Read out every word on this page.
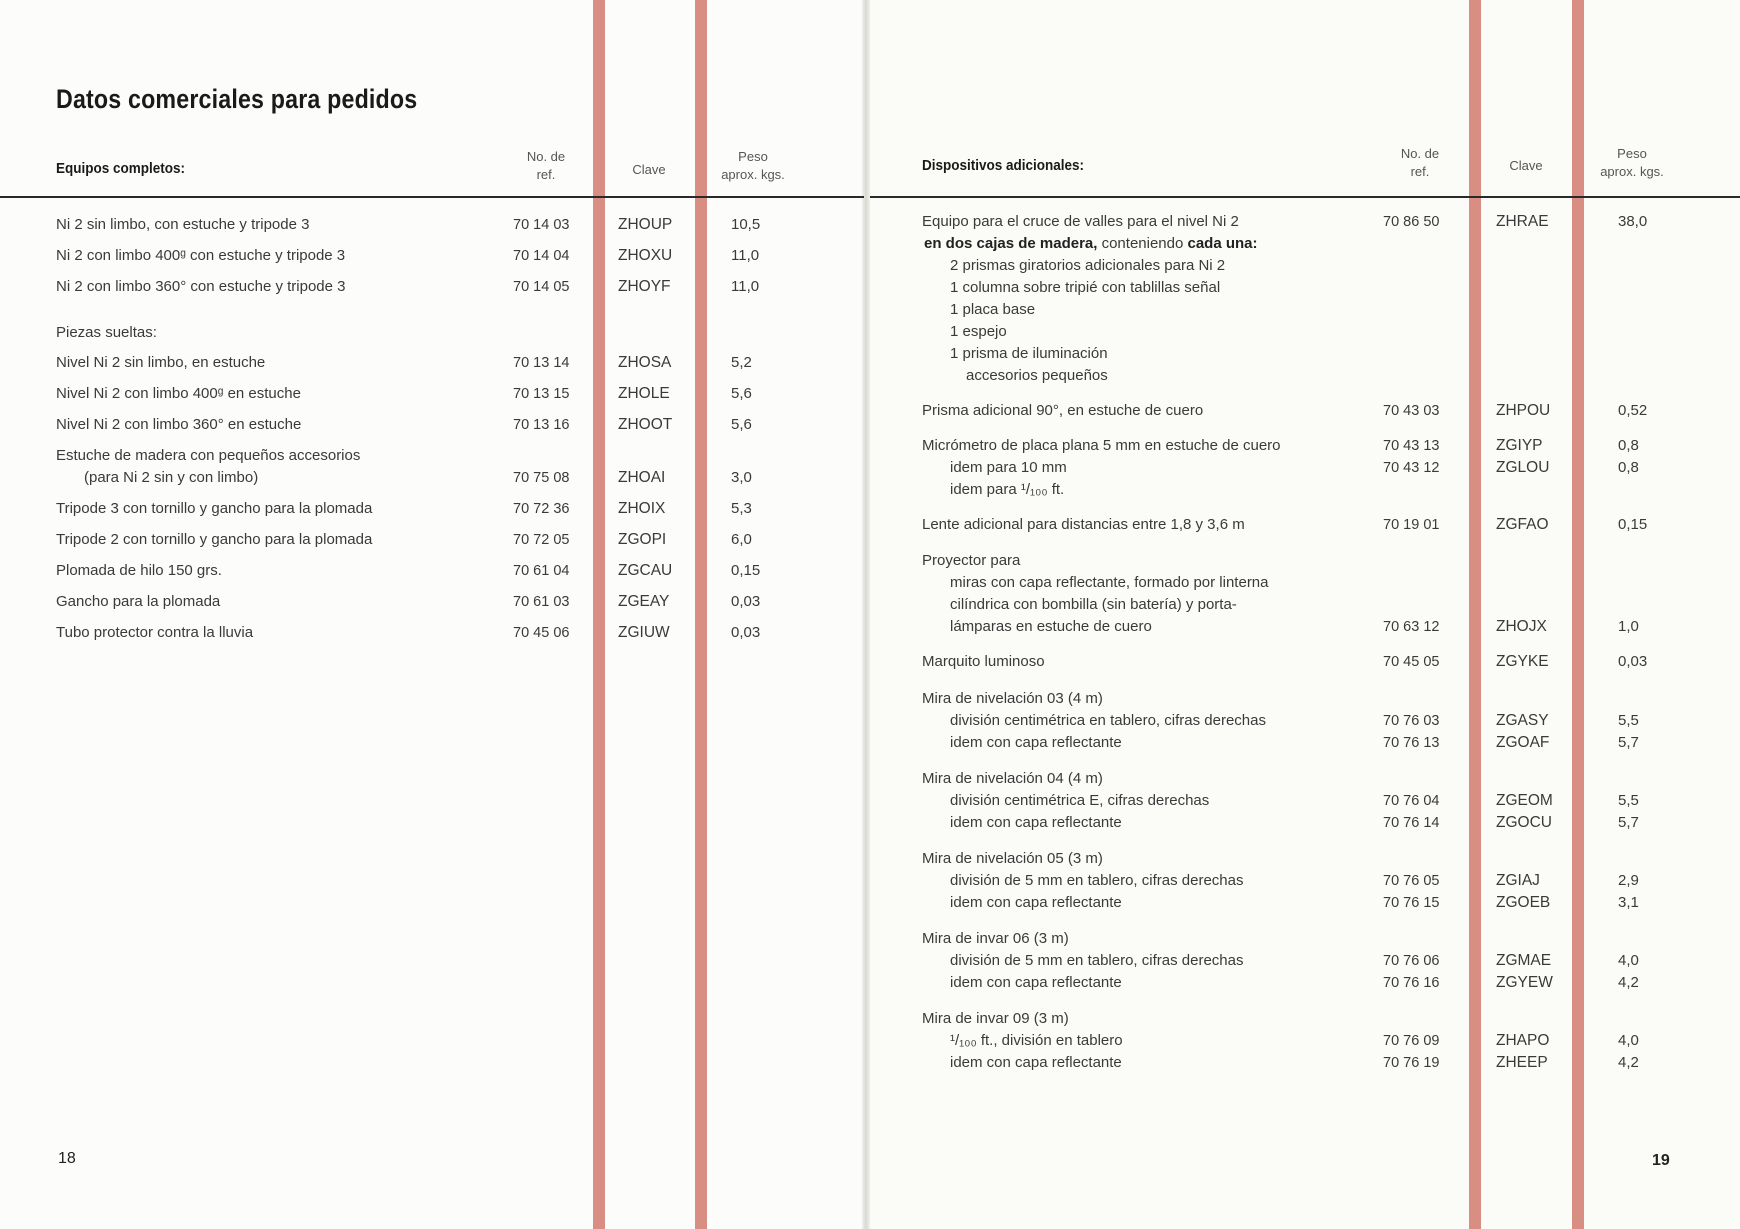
Datos comerciales para pedidos
Equipos completos:
No. de
ref.	Clave
Peso
aprox. kgs.
Ni 2 sin limbo, con estuche y tripode 3	70 14 03	ZHOUP	10,5
Ni 2 con limbo 400ᵍ con estuche y tripode 3	70 14 04	ZHOXU	11,0
Ni 2 con limbo 360° con estuche y tripode 3	70 14 05	ZHOYF	11,0
Piezas sueltas:
Nivel Ni 2 sin limbo, en estuche	70 13 14	ZHOSA	5,2
Nivel Ni 2 con limbo 400ᵍ en estuche	70 13 15	ZHOLE	5,6
Nivel Ni 2 con limbo 360° en estuche	70 13 16	ZHOOT	5,6
Estuche de madera con pequeños accesorios
(para Ni 2 sin y con limbo)	70 75 08	ZHOAI	3,0
Tripode 3 con tornillo y gancho para la plomada	70 72 36	ZHOIX	5,3
Tripode 2 con tornillo y gancho para la plomada	70 72 05	ZGOPI	6,0
Plomada de hilo 150 grs.	70 61 04	ZGCAU	0,15
Gancho para la plomada	70 61 03	ZGEAY	0,03
Tubo protector contra la lluvia	70 45 06	ZGIUW	0,03
18
Dispositivos adicionales:
No. de
ref.	Clave
Peso
aprox. kgs.
Equipo para el cruce de valles para el nivel Ni 2	70 86 50	ZHRAE	38,0
en dos cajas de madera, conteniendo cada una:
2 prismas giratorios adicionales para Ni 2
1 columna sobre tripié con tablillas señal
1 placa base
1 espejo
1 prisma de iluminación
accesorios pequeños
Prisma adicional 90°, en estuche de cuero	70 43 03	ZHPOU	0,52
Micrómetro de placa plana 5 mm en estuche de cuero	70 43 13	ZGIYP	0,8
idem para 10 mm	70 43 12	ZGLOU	0,8
idem para ¹/₁₀₀ ft.
Lente adicional para distancias entre 1,8 y 3,6 m	70 19 01	ZGFAO	0,15
Proyector para
miras con capa reflectante, formado por linterna
cilíndrica con bombilla (sin batería) y porta-
lámparas en estuche de cuero	70 63 12	ZHOJX	1,0
Marquito luminoso	70 45 05	ZGYKE	0,03
Mira de nivelación 03 (4 m)
división centimétrica en tablero, cifras derechas	70 76 03	ZGASY	5,5
idem con capa reflectante	70 76 13	ZGOAF	5,7
Mira de nivelación 04 (4 m)
división centimétrica E, cifras derechas	70 76 04	ZGEOM	5,5
idem con capa reflectante	70 76 14	ZGOCU	5,7
Mira de nivelación 05 (3 m)
división de 5 mm en tablero, cifras derechas	70 76 05	ZGIAJ	2,9
idem con capa reflectante	70 76 15	ZGOEB	3,1
Mira de invar 06 (3 m)
división de 5 mm en tablero, cifras derechas	70 76 06	ZGMAE	4,0
idem con capa reflectante	70 76 16	ZGYEW	4,2
Mira de invar 09 (3 m)
¹/₁₀₀ ft., división en tablero	70 76 09	ZHAPO	4,0
idem con capa reflectante	70 76 19	ZHEEP	4,2
19
